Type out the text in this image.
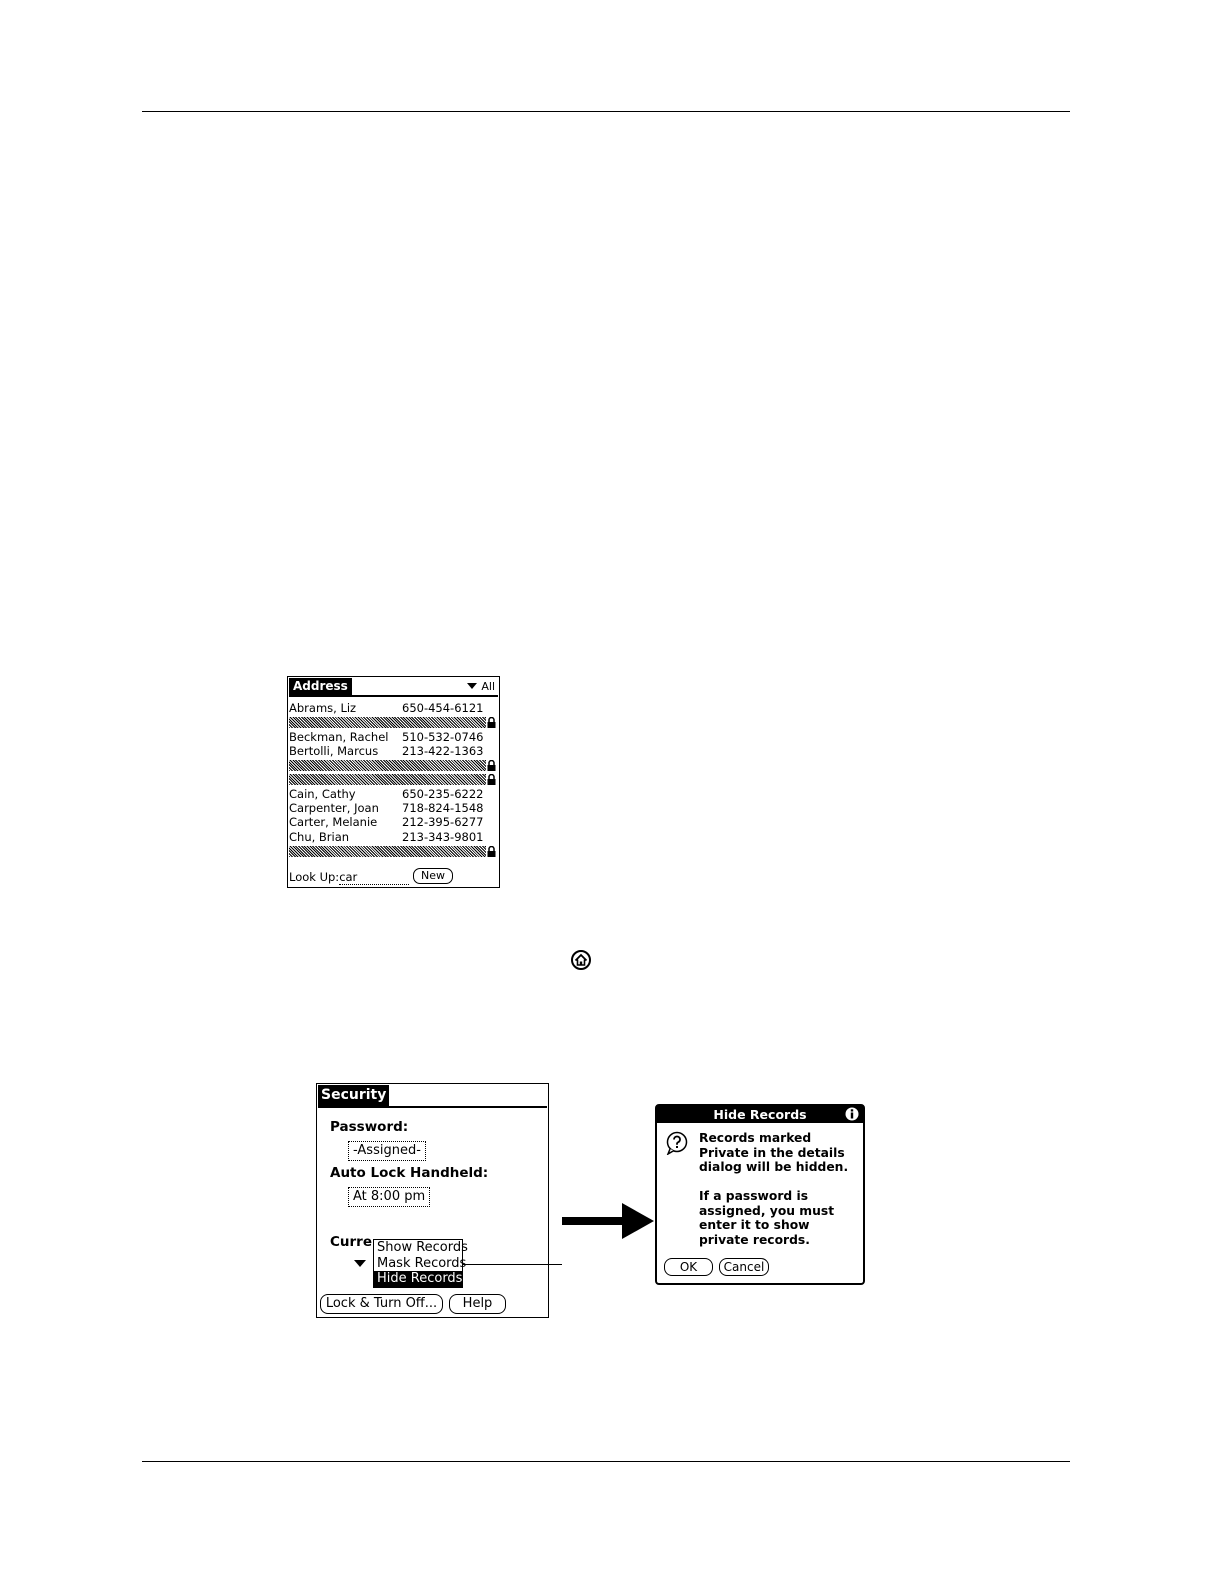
Address	All
Abrams, Liz	650-454-6121
Beckman, Rachel 510-532-0746
Bertolli, Marcus 213-422-1363
Cain, Cathy	650-235-6222
Carpenter, Joan 718-824-1548
Carter, Melanie 212-395-6277
Chu, Brian	213-343-9801
Look Up:car	New
Security
Password:
-Assigned-
Auto Lock Handheld:
At 8:00 pm
Curre Show Records
Mask Records
Hide Records
Lock & Turn Off...	Help
Hide Records
Records marked
Private in the details
dialog will be hidden.

If a password is
assigned, you must
enter it to show
private records.
OK	Cancel
